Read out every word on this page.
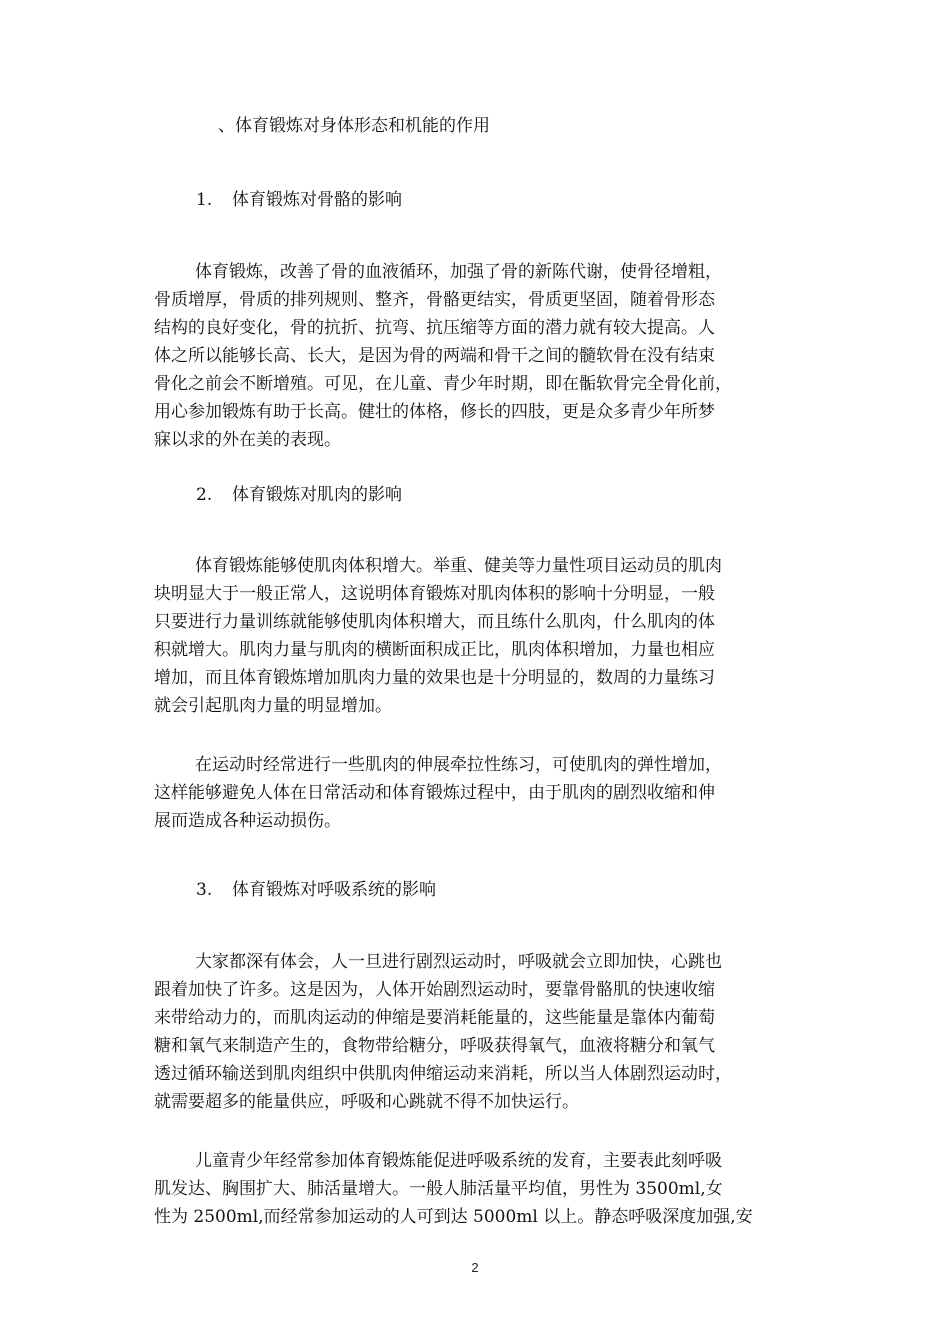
、体育锻炼对身体形态和机能的作用
1. 体育锻炼对骨骼的影响
体育锻炼，改善了骨的血液循环，加强了骨的新陈代谢，使骨径增粗，
骨质增厚，骨质的排列规则、整齐，骨骼更结实，骨质更坚固，随着骨形态
结构的良好变化，骨的抗折、抗弯、抗压缩等方面的潜力就有较大提高。人
体之所以能够长高、长大，是因为骨的两端和骨干之间的髓软骨在没有结束
骨化之前会不断增殖。可见，在儿童、青少年时期，即在骺软骨完全骨化前，
用心参加锻炼有助于长高。健壮的体格，修长的四肢，更是众多青少年所梦
寐以求的外在美的表现。
2. 体育锻炼对肌肉的影响
体育锻炼能够使肌肉体积增大。举重、健美等力量性项目运动员的肌肉
块明显大于一般正常人，这说明体育锻炼对肌肉体积的影响十分明显，一般
只要进行力量训练就能够使肌肉体积增大，而且练什么肌肉，什么肌肉的体
积就增大。肌肉力量与肌肉的横断面积成正比，肌肉体积增加，力量也相应
增加，而且体育锻炼增加肌肉力量的效果也是十分明显的，数周的力量练习
就会引起肌肉力量的明显增加。
在运动时经常进行一些肌肉的伸展牵拉性练习，可使肌肉的弹性增加，
这样能够避免人体在日常活动和体育锻炼过程中，由于肌肉的剧烈收缩和伸
展而造成各种运动损伤。
3. 体育锻炼对呼吸系统的影响
大家都深有体会，人一旦进行剧烈运动时，呼吸就会立即加快，心跳也
跟着加快了许多。这是因为，人体开始剧烈运动时，要靠骨骼肌的快速收缩
来带给动力的，而肌肉运动的伸缩是要消耗能量的，这些能量是靠体内葡萄
糖和氧气来制造产生的，食物带给糖分，呼吸获得氧气，血液将糖分和氧气
透过循环输送到肌肉组织中供肌肉伸缩运动来消耗，所以当人体剧烈运动时，
就需要超多的能量供应，呼吸和心跳就不得不加快运行。
儿童青少年经常参加体育锻炼能促进呼吸系统的发育，主要表此刻呼吸
肌发达、胸围扩大、肺活量增大。一般人肺活量平均值，男性为 3500ml,女
性为 2500ml,而经常参加运动的人可到达 5000ml 以上。静态呼吸深度加强,安
2
